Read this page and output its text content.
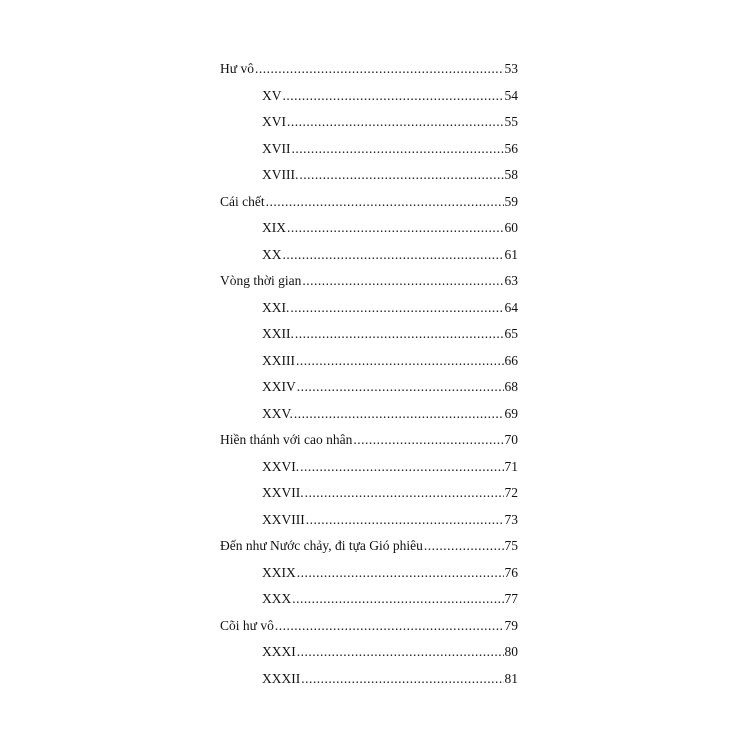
Hư vô .....	53
XV .....	54
XVI .....	55
XVII .....	56
XVIII. .....	58
Cái chết .....	59
XIX .....	60
XX .....	61
Vòng thời gian .....	63
XXI. .....	64
XXII. .....	65
XXIII .....	66
XXIV .....	68
XXV. .....	69
Hiền thánh với cao nhân .....	70
XXVI. .....	71
XXVII. .....	72
XXVIII .....	73
Đến như Nước chảy, đi tựa Gió phiêu .....	75
XXIX .....	76
XXX .....	77
Cõi hư vô .....	79
XXXI .....	80
XXXII .....	81
